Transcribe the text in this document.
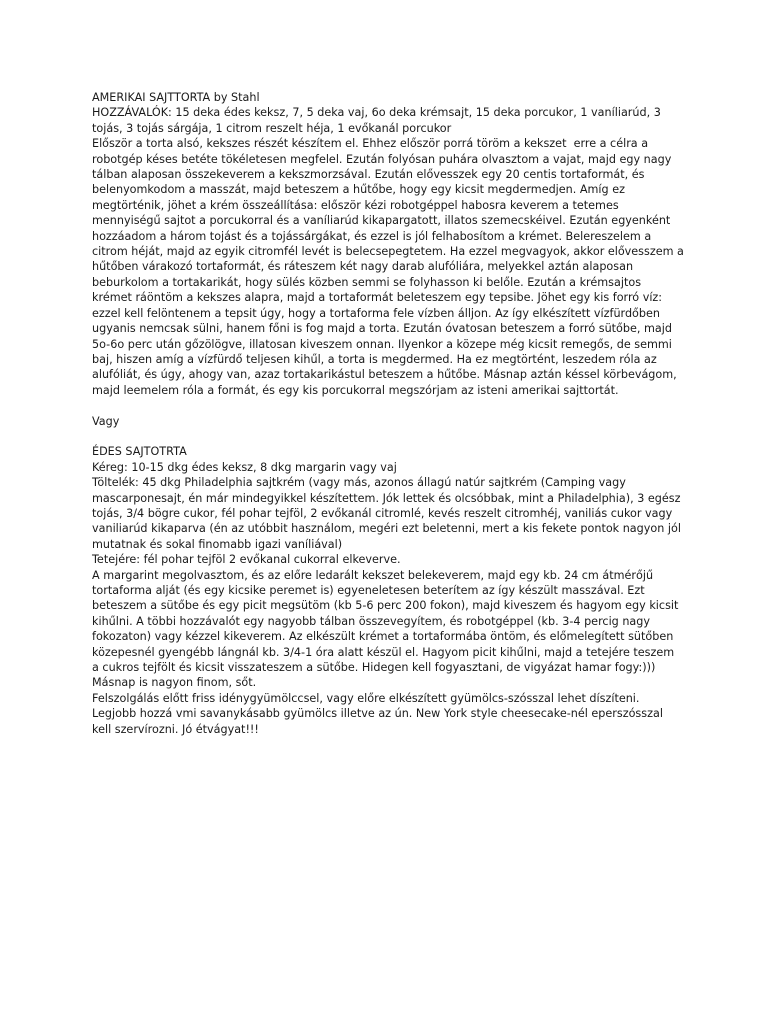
AMERIKAI SAJTTORTA by Stahl

HOZZÁVALÓK: 15 deka édes keksz, 7, 5 deka vaj, 6o deka krémsajt, 15 deka porcukor, 1 vaníliarúd, 3
tojás, 3 tojás sárgája, 1 citrom reszelt héja, 1 evőkanál porcukor

Először a torta alsó, kekszes részét készítem el. Ehhez először porrá töröm a kekszet  erre a célra a
robotgép késes betéte tökéletesen megfelel. Ezután folyósan puhára olvasztom a vajat, majd egy nagy
tálban alaposan összekeverem a kekszmorzsával. Ezután elővesszek egy 20 centis tortaformát, és
belenyomkodom a masszát, majd beteszem a hűtőbe, hogy egy kicsit megdermedjen. Amíg ez
megtörténik, jöhet a krém összeállítása: először kézi robotgéppel habosra keverem a tetemes
mennyiségű sajtot a porcukorral és a vaníliarúd kikapargatott, illatos szemecskéivel. Ezután egyenként
hozzáadom a három tojást és a tojássárgákat, és ezzel is jól felhabosítom a krémet. Belereszelem a
citrom héját, majd az egyik citromfél levét is belecsepegtetem. Ha ezzel megvagyok, akkor elővesszem a
hűtőben várakozó tortaformát, és ráteszem két nagy darab alufóliára, melyekkel aztán alaposan
beburkolom a tortakarikát, hogy sülés közben semmi se folyhasson ki belőle. Ezután a krémsajtos
krémet ráöntöm a kekszes alapra, majd a tortaformát beleteszem egy tepsibe. Jöhet egy kis forró víz:
ezzel kell felöntenem a tepsit úgy, hogy a tortaforma fele vízben álljon. Az így elkészített vízfürdőben
ugyanis nemcsak sülni, hanem főni is fog majd a torta. Ezután óvatosan beteszem a forró sütőbe, majd
5o-6o perc után gőzölögve, illatosan kiveszem onnan. Ilyenkor a közepe még kicsit remegős, de semmi
baj, hiszen amíg a vízfürdő teljesen kihűl, a torta is megdermed. Ha ez megtörtént, leszedem róla az
alufóliát, és úgy, ahogy van, azaz tortakarikástul beteszem a hűtőbe. Másnap aztán késsel körbevágom,
majd leemelem róla a formát, és egy kis porcukorral megszórjam az isteni amerikai sajttortát.

Vagy

ÉDES SAJTOTRTA

Kéreg: 10-15 dkg édes keksz, 8 dkg margarin vagy vaj

Töltelék: 45 dkg Philadelphia sajtkrém (vagy más, azonos állagú natúr sajtkrém (Camping vagy
mascarponesajt, én már mindegyikkel készítettem. Jók lettek és olcsóbbak, mint a Philadelphia), 3 egész
tojás, 3/4 bögre cukor, fél pohar tejföl, 2 evőkanál citromlé, kevés reszelt citromhéj, vaniliás cukor vagy
vaniliarúd kikaparva (én az utóbbit használom, megéri ezt beletenni, mert a kis fekete pontok nagyon jól
mutatnak és sokal finomabb igazi vaníliával)

Tetejére: fél pohar tejföl 2 evőkanal cukorral elkeverve.

A margarint megolvasztom, és az előre ledarált kekszet belekeverem, majd egy kb. 24 cm átmérőjű
tortaforma alját (és egy kicsike peremet is) egyeneletesen beterítem az így készült masszával. Ezt
beteszem a sütőbe és egy picit megsütöm (kb 5-6 perc 200 fokon), majd kiveszem és hagyom egy kicsit
kihűlni. A többi hozzávalót egy nagyobb tálban összevegyítem, és robotgéppel (kb. 3-4 percig nagy
fokozaton) vagy kézzel kikeverem. Az elkészült krémet a tortaformába öntöm, és előmelegített sütőben
közepesnél gyengébb lángnál kb. 3/4-1 óra alatt készül el. Hagyom picit kihűlni, majd a tetejére teszem
a cukros tejfölt és kicsit visszateszem a sütőbe. Hidegen kell fogyasztani, de vigyázat hamar fogy:)))
Másnap is nagyon finom, sőt.

Felszolgálás előtt friss idénygyümölccsel, vagy előre elkészített gyümölcs-szósszal lehet díszíteni.
Legjobb hozzá vmi savanykásabb gyümölcs illetve az ún. New York style cheesecake-nél eperszósszal
kell szervírozni. Jó étvágyat!!!
